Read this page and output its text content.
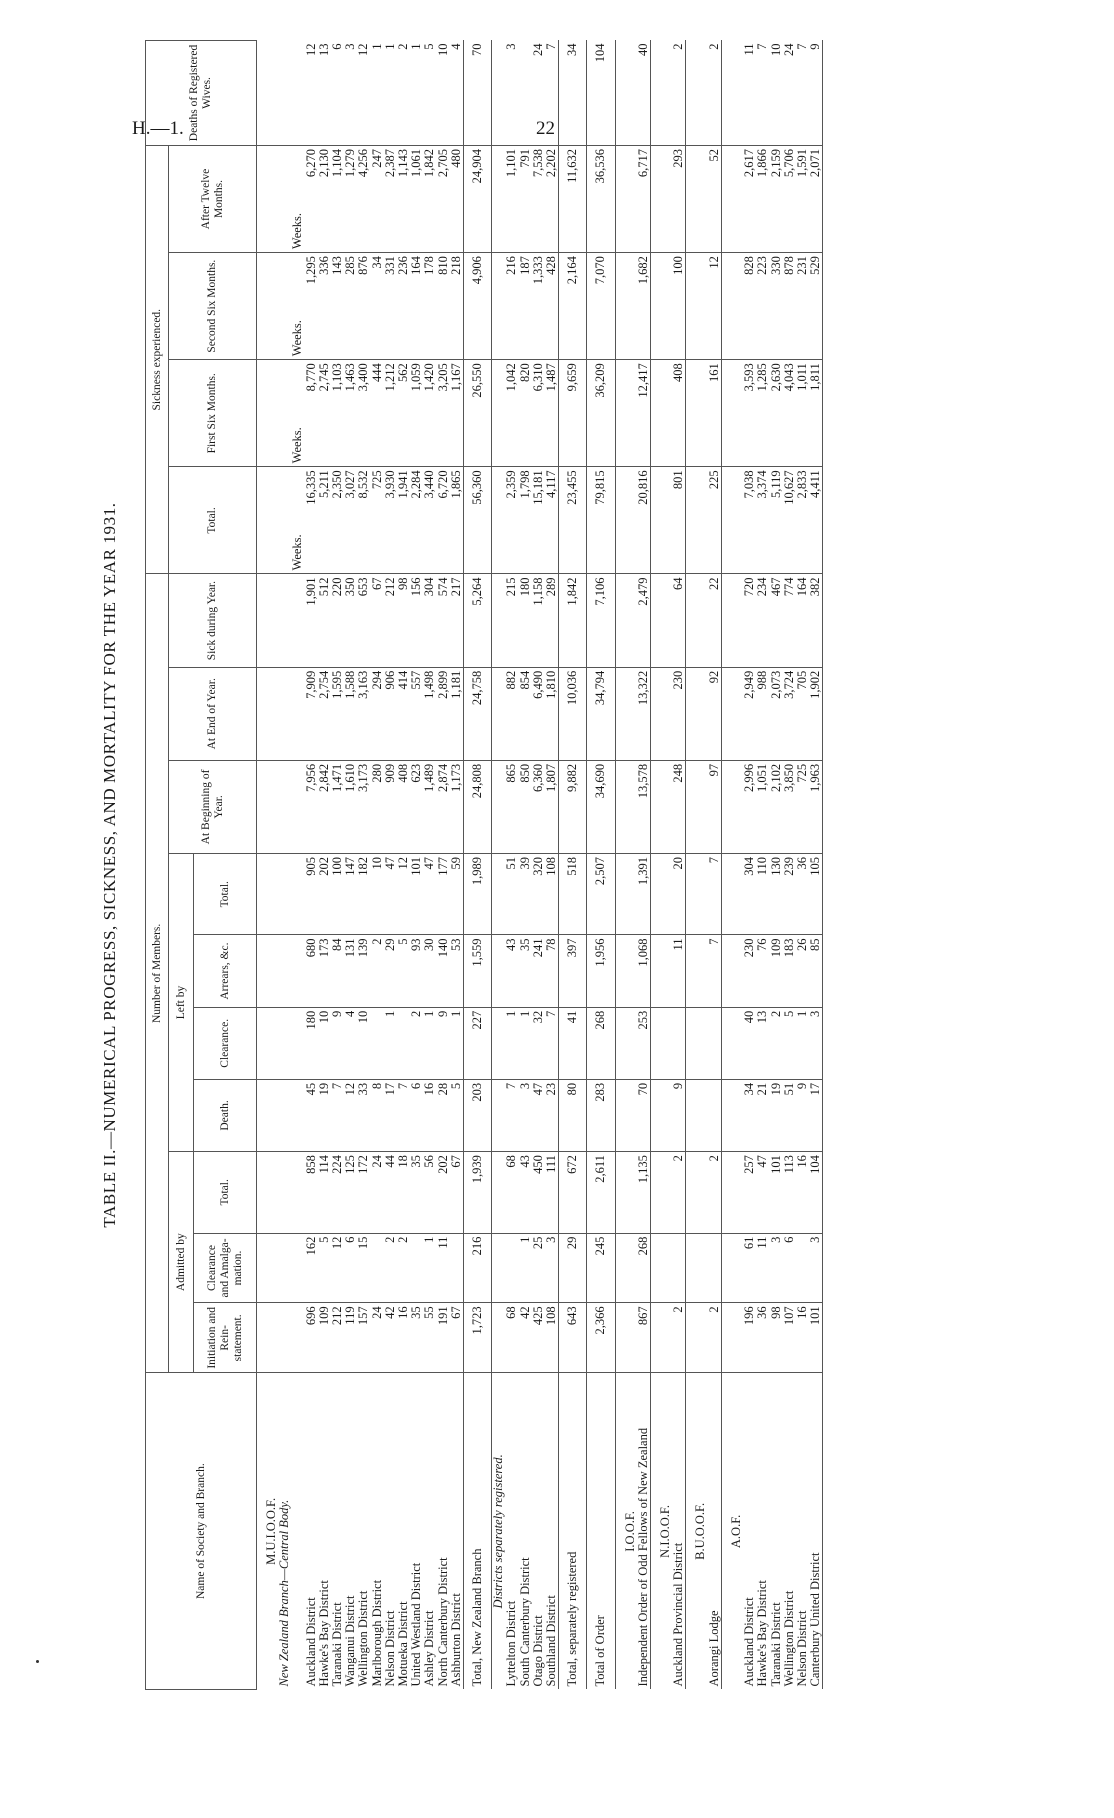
H.—1.	22
TABLE II.—NUMERICAL PROGRESS, SICKNESS, AND MORTALITY FOR THE YEAR 1931.
Name of Society and Branch.	Number of Members.										Sickness experienced.				Deaths of Registered Wives.
	Admitted by			Left by				At Beginning of Year.	At End of Year.	Sick during Year.	Total.	First Six Months.	Second Six Months.	After Twelve Months.	
	Initiation and Rein-statement.	Clearance and Amalga-mation.	Total.	Death.	Clearance.	Arrears, &c.	Total.								
M.U.I.O.O.F.															
New Zealand Branch—Central Body.															
											Weeks.	Weeks.	Weeks.	Weeks.	
Auckland District	696	162	858	45	180	680	905	7,956	7,909	1,901	16,335	8,770	1,295	6,270	12
Hawke's Bay District	109	5	114	19	10	173	202	2,842	2,754	512	5,211	2,745	336	2,130	13
Taranaki District	212	12	224	7	9	84	100	1,471	1,595	220	2,350	1,103	143	1,104	6
Wanganui District	119	6	125	12	4	131	147	1,610	1,588	350	3,027	1,463	285	1,279	3
Wellington District	157	15	172	33	10	139	182	3,173	3,163	653	8,532	3,400	876	4,256	12
Marlborough District	24		24	8		2	10	280	294	67	725	444	34	247	1
Nelson District	42	2	44	17	1	29	47	909	906	212	3,930	1,212	331	2,387	1
Motueka District	16	2	18	7		5	12	408	414	98	1,941	562	236	1,143	2
United Westland District	35		35	6	2	93	101	623	557	156	2,284	1,059	164	1,061	1
Ashley District	55	1	56	16	1	30	47	1,489	1,498	304	3,440	1,420	178	1,842	5
North Canterbury District	191	11	202	28	9	140	177	2,874	2,899	574	6,720	3,205	810	2,705	10
Ashburton District	67		67	5	1	53	59	1,173	1,181	217	1,865	1,167	218	480	4
Total, New Zealand Branch	1,723	216	1,939	203	227	1,559	1,989	24,808	24,758	5,264	56,360	26,550	4,906	24,904	70
Districts separately registered.															
Lyttelton District	68		68	7	1	43	51	865	882	215	2,359	1,042	216	1,101	3
South Canterbury District	42	1	43	3	1	35	39	850	854	180	1,798	820	187	791	
Otago District	425	25	450	47	32	241	320	6,360	6,490	1,158	15,181	6,310	1,333	7,538	24
Southland District	108	3	111	23	7	78	108	1,807	1,810	289	4,117	1,487	428	2,202	7
Total, separately registered	643	29	672	80	41	397	518	9,882	10,036	1,842	23,455	9,659	2,164	11,632	34
Total of Order	2,366	245	2,611	283	268	1,956	2,507	34,690	34,794	7,106	79,815	36,209	7,070	36,536	104
I.O.O.F.															
Independent Order of Odd Fellows of New Zealand	867	268	1,135	70	253	1,068	1,391	13,578	13,322	2,479	20,816	12,417	1,682	6,717	40
N.I.O.O.F.															
Auckland Provincial District	2		2	9		11	20	248	230	64	801	408	100	293	2
B.U.O.O.F.															
Aorangi Lodge	2		2			7	7	97	92	22	225	161	12	52	2
A.O.F.															
Auckland District	196	61	257	34	40	230	304	2,996	2,949	720	7,038	3,593	828	2,617	11
Hawke's Bay District	36	11	47	21	13	76	110	1,051	988	234	3,374	1,285	223	1,866	7
Taranaki District	98	3	101	19	2	109	130	2,102	2,073	467	5,119	2,630	330	2,159	10
Wellington District	107	6	113	51	5	183	239	3,850	3,724	774	10,627	4,043	878	5,706	24
Nelson District	16		16	9	1	26	36	725	705	164	2,833	1,011	231	1,591	7
Canterbury United District	101	3	104	17	3	85	105	1,963	1,902	382	4,411	1,811	529	2,071	9
